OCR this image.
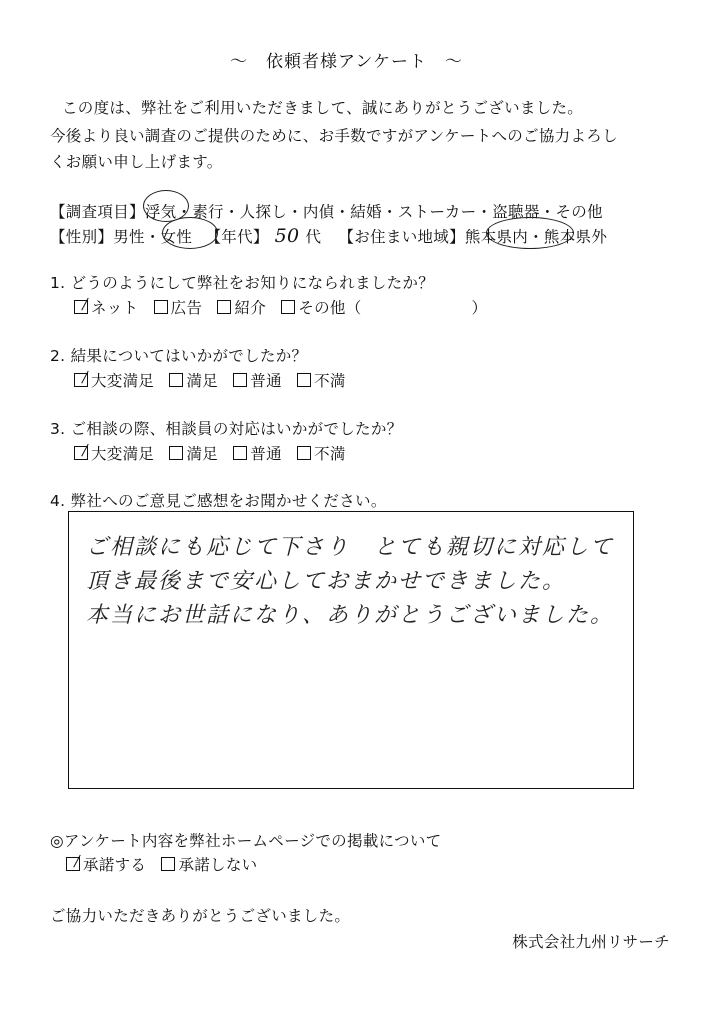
～　依頼者様アンケート　～
この度は、弊社をご利用いただきまして、誠にありがとうございました。
今後より良い調査のご提供のために、お手数ですがアンケートへのご協力よろし
くお願い申し上げます。
【調査項目】浮気・素行・人探し・内偵・結婚・ストーカー・盗聴器・その他
【性別】男性・女性 【年代】 50 代 【お住まい地域】熊本県内・熊本県外
1. どうのようにして弊社をお知りになられましたか？
ネット 広告 紹介 その他（	）
2. 結果についてはいかがでしたか？
大変満足 満足 普通 不満
3. ご相談の際、相談員の対応はいかがでしたか？
大変満足 満足 普通 不満
4. 弊社へのご意見ご感想をお聞かせください。
ご相談にも応じて下さり　とても親切に対応して
頂き最後まで安心しておまかせできました。
本当にお世話になり、ありがとうございました。
◎アンケート内容を弊社ホームページでの掲載について
承諾する 承諾しない
ご協力いただきありがとうございました。
株式会社九州リサーチ
